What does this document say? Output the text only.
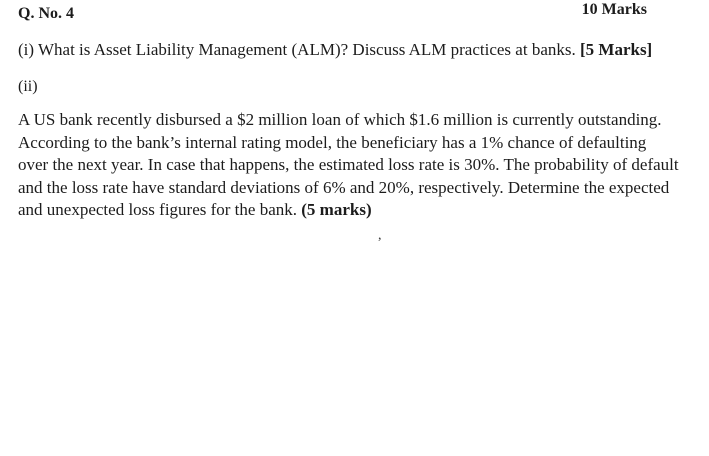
Q. No. 4	10 Marks
(i) What is Asset Liability Management (ALM)? Discuss ALM practices at banks. [5 Marks]
(ii)
A US bank recently disbursed a $2 million loan of which $1.6 million is currently outstanding.
According to the bank’s internal rating model, the beneficiary has a 1% chance of defaulting
over the next year. In case that happens, the estimated loss rate is 30%. The probability of default
and the loss rate have standard deviations of 6% and 20%, respectively. Determine the expected
and unexpected loss figures for the bank. (5 marks)
,
